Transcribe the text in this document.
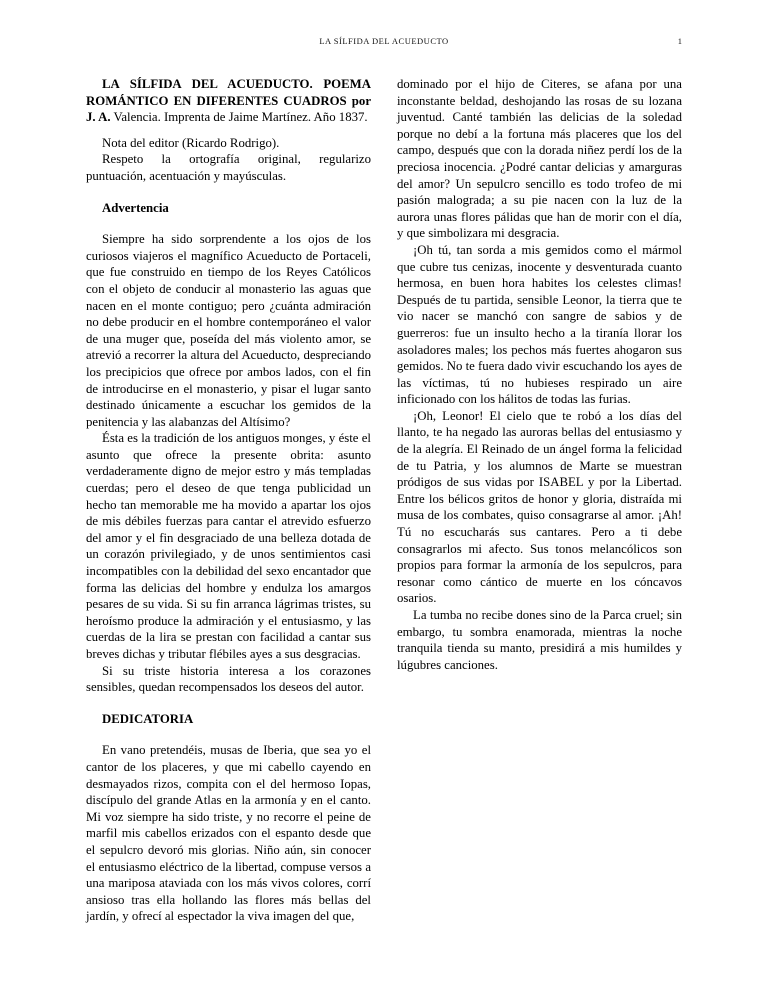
LA SÍLFIDA DEL ACUEDUCTO	1

LA SÍLFIDA DEL ACUEDUCTO. POEMA ROMÁNTICO EN DIFERENTES CUADROS por J. A. Valencia. Imprenta de Jaime Martínez. Año 1837.

Nota del editor (Ricardo Rodrigo).

Respeto la ortografía original, regularizo puntuación, acentuación y mayúsculas.

Advertencia

Siempre ha sido sorprendente a los ojos de los curiosos viajeros el magnífico Acueducto de Portaceli, que fue construido en tiempo de los Reyes Católicos con el objeto de conducir al monasterio las aguas que nacen en el monte contiguo; pero ¿cuánta admiración no debe producir en el hombre contemporáneo el valor de una muger que, poseída del más violento amor, se atrevió a recorrer la altura del Acueducto, despreciando los precipicios que ofrece por ambos lados, con el fin de introducirse en el monasterio, y pisar el lugar santo destinado únicamente a escuchar los gemidos de la penitencia y las alabanzas del Altísimo?

Ésta es la tradición de los antiguos monges, y éste el asunto que ofrece la presente obrita: asunto verdaderamente digno de mejor estro y más templadas cuerdas; pero el deseo de que tenga publicidad un hecho tan memorable me ha movido a apartar los ojos de mis débiles fuerzas para cantar el atrevido esfuerzo del amor y el fin desgraciado de una belleza dotada de un corazón privilegiado, y de unos sentimientos casi incompatibles con la debilidad del sexo encantador que forma las delicias del hombre y endulza los amargos pesares de su vida. Si su fin arranca lágrimas tristes, su heroísmo produce la admiración y el entusiasmo, y las cuerdas de la lira se prestan con facilidad a cantar sus breves dichas y tributar flébiles ayes a sus desgracias.

Si su triste historia interesa a los corazones sensibles, quedan recompensados los deseos del autor.

DEDICATORIA

En vano pretendéis, musas de Iberia, que sea yo el cantor de los placeres, y que mi cabello cayendo en desmayados rizos, compita con el del hermoso Iopas, discípulo del grande Atlas en la armonía y en el canto. Mi voz siempre ha sido triste, y no recorre el peine de marfil mis cabellos erizados con el espanto desde que el sepulcro devoró mis glorias. Niño aún, sin conocer el entusiasmo eléctrico de la libertad, compuse versos a una mariposa ataviada con los más vivos colores, corrí ansioso tras ella hollando las flores más bellas del jardín, y ofrecí al espectador la viva imagen del que,

dominado por el hijo de Citeres, se afana por una inconstante beldad, deshojando las rosas de su lozana juventud. Canté también las delicias de la soledad porque no debí a la fortuna más placeres que los del campo, después que con la dorada niñez perdí los de la preciosa inocencia. ¿Podré cantar delicias y amarguras del amor? Un sepulcro sencillo es todo trofeo de mi pasión malograda; a su pie nacen con la luz de la aurora unas flores pálidas que han de morir con el día, y que simbolizara mi desgracia.

¡Oh tú, tan sorda a mis gemidos como el mármol que cubre tus cenizas, inocente y desventurada cuanto hermosa, en buen hora habites los celestes climas! Después de tu partida, sensible Leonor, la tierra que te vio nacer se manchó con sangre de sabios y de guerreros: fue un insulto hecho a la tiranía llorar los asoladores males; los pechos más fuertes ahogaron sus gemidos. No te fuera dado vivir escuchando los ayes de las víctimas, tú no hubieses respirado un aire inficionado con los hálitos de todas las furias.

¡Oh, Leonor! El cielo que te robó a los días del llanto, te ha negado las auroras bellas del entusiasmo y de la alegría. El Reinado de un ángel forma la felicidad de tu Patria, y los alumnos de Marte se muestran pródigos de sus vidas por ISABEL y por la Libertad. Entre los bélicos gritos de honor y gloria, distraída mi musa de los combates, quiso consagrarse al amor. ¡Ah! Tú no escucharás sus cantares. Pero a ti debe consagrarlos mi afecto. Sus tonos melancólicos son propios para formar la armonía de los sepulcros, para resonar como cántico de muerte en los cóncavos osarios.

La tumba no recibe dones sino de la Parca cruel; sin embargo, tu sombra enamorada, mientras la noche tranquila tienda su manto, presidirá a mis humildes y lúgubres canciones.
